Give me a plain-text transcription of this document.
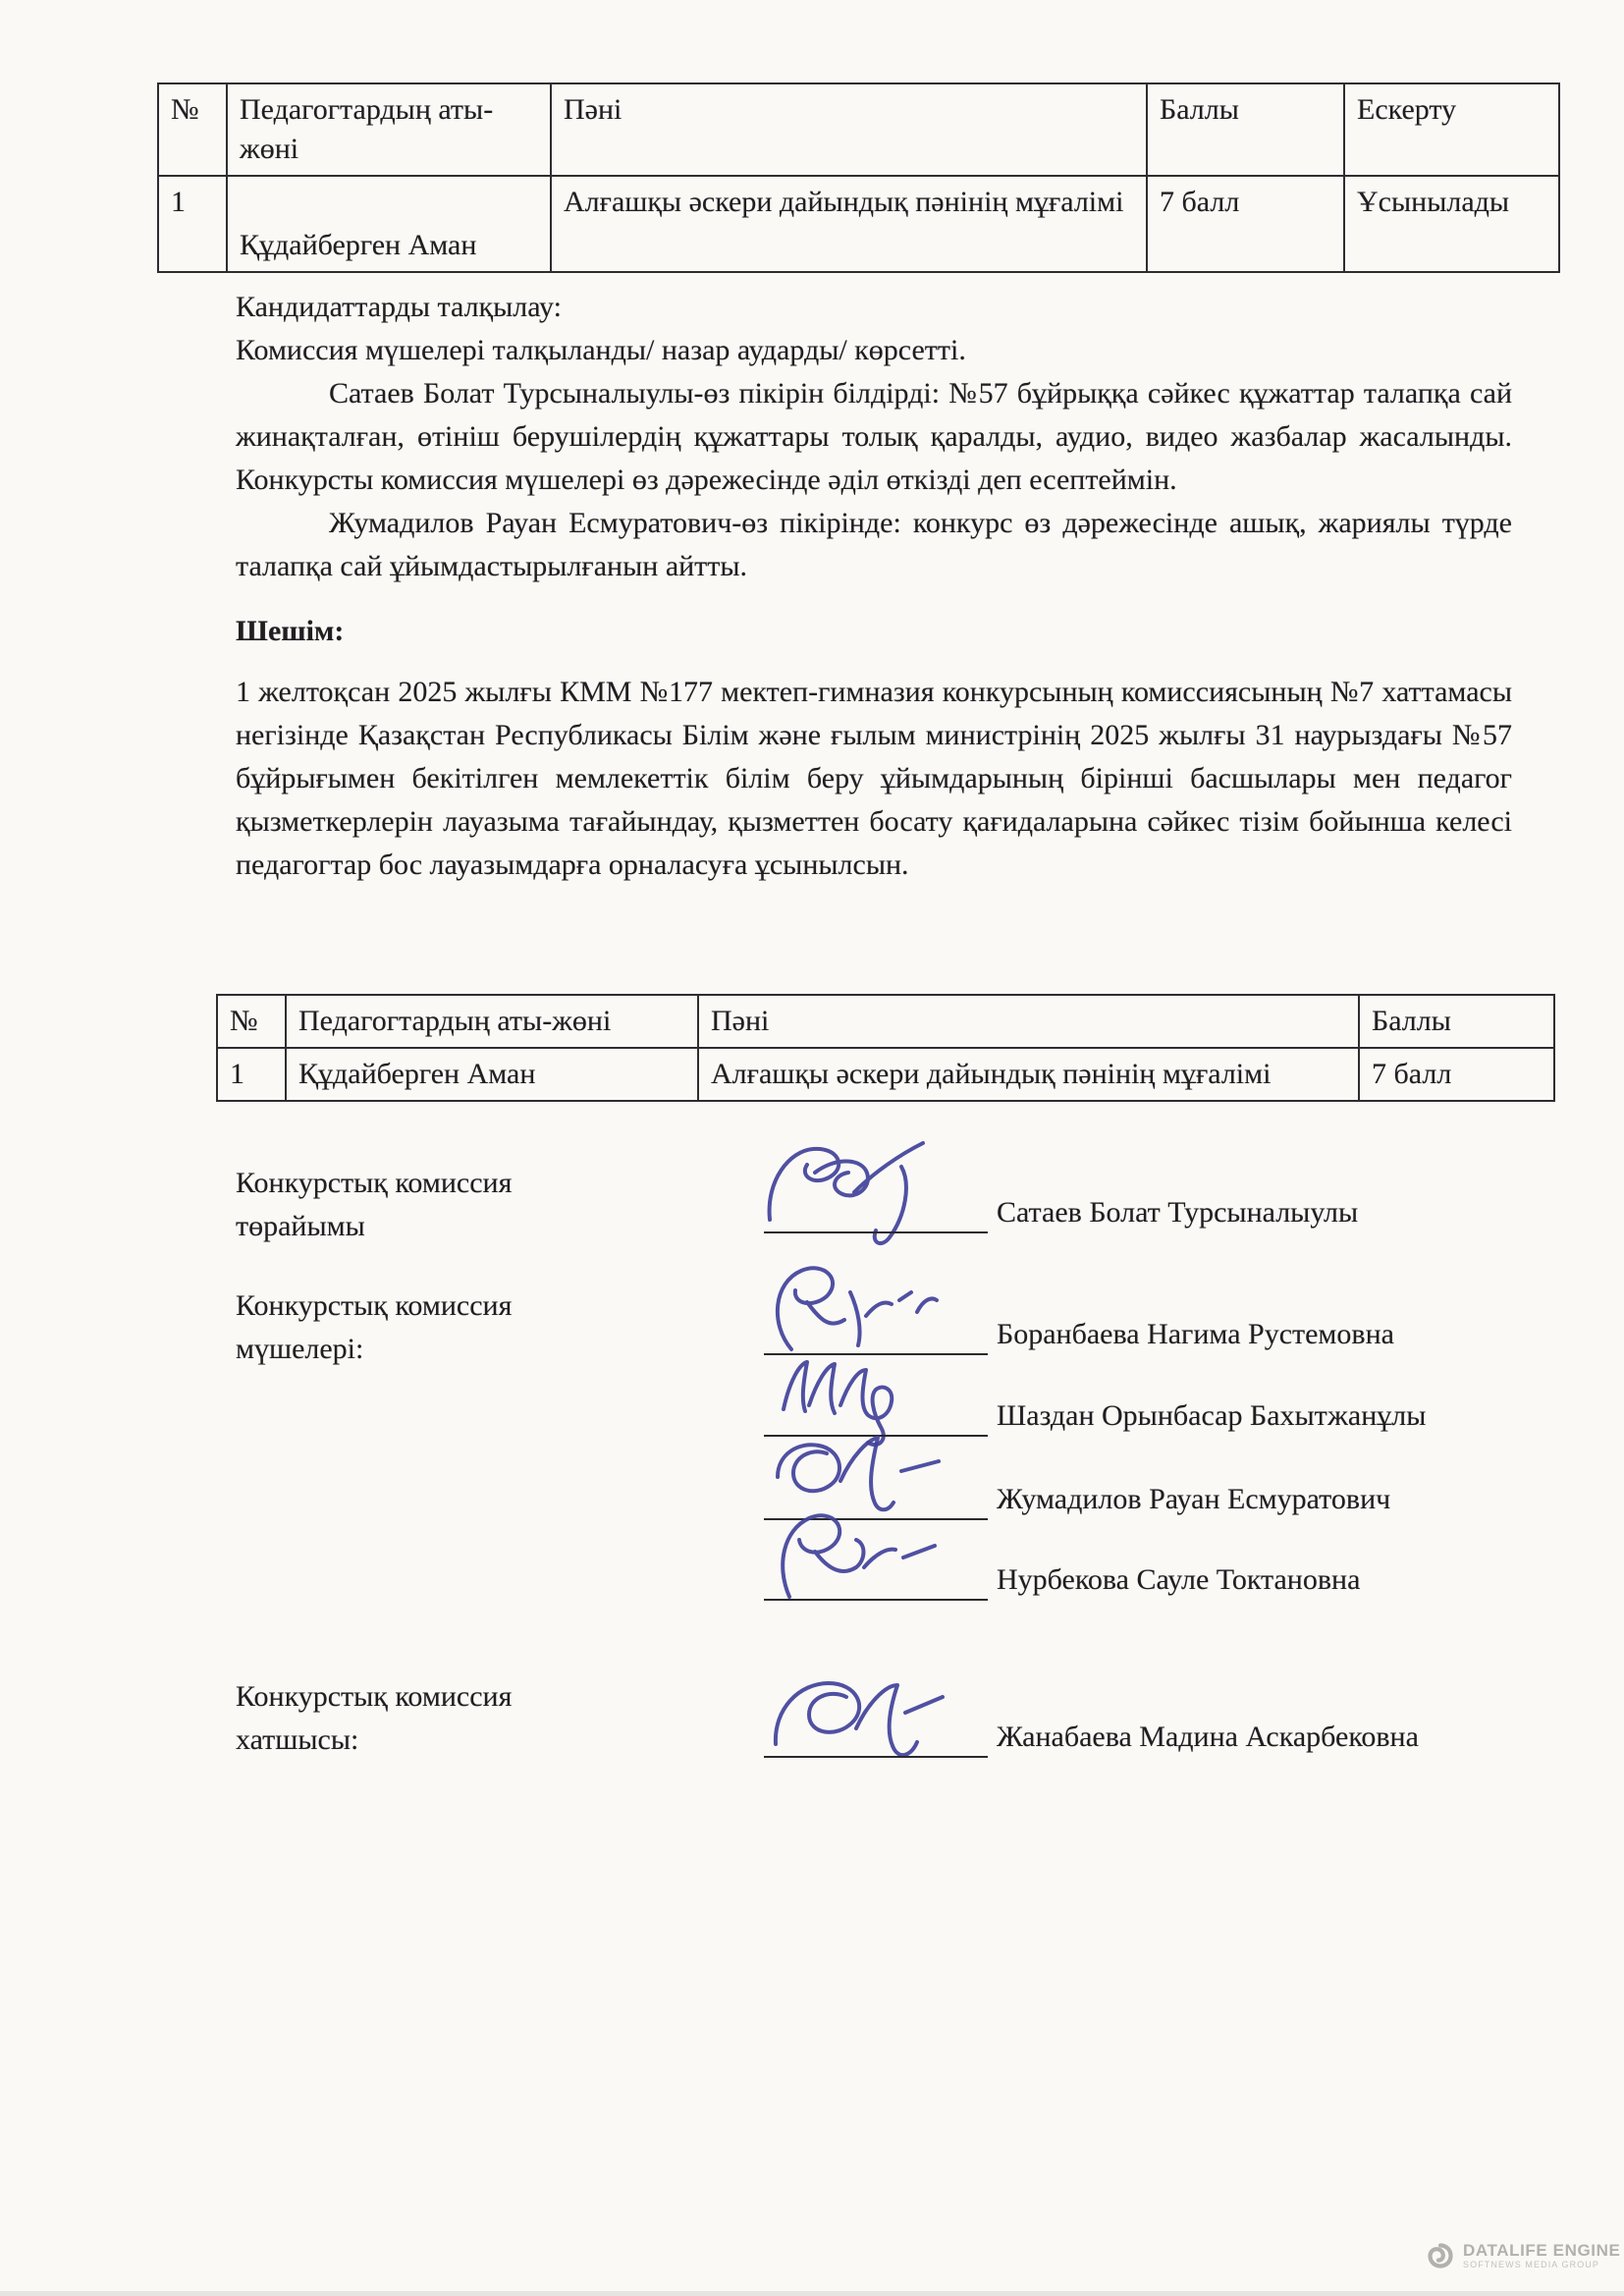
№	Педагогтардың аты-жөні	Пәні	Баллы	Ескерту
1	Құдайберген Аман	Алғашқы әскери дайындық пәнінің мұғалімі	7 балл	Ұсынылады

Кандидаттарды талқылау:

Комиссия мүшелері талқыланды/ назар аударды/ көрсетті.

Сатаев Болат Турсыналыулы-өз пікірін білдірді: №57 бұйрыққа сәйкес құжаттар талапқа сай жинақталған, өтініш берушілердің құжаттары толық қаралды, аудио, видео жазбалар жасалынды. Конкурсты комиссия мүшелері өз дәрежесінде әділ өткізді деп есептеймін.

Жумадилов Рауан Есмуратович-өз пікірінде: конкурс өз дәрежесінде ашық, жариялы түрде талапқа сай ұйымдастырылғанын айтты.

Шешім:

1 желтоқсан 2025 жылғы КММ №177 мектеп-гимназия конкурсының комиссиясының №7 хаттамасы негізінде Қазақстан Республикасы Білім және ғылым министрінің 2025 жылғы 31 наурыздағы №57 бұйрығымен бекітілген мемлекеттік білім беру ұйымдарының бірінші басшылары мен педагог қызметкерлерін лауазыма тағайындау, қызметтен босату қағидаларына сәйкес тізім бойынша келесі педагогтар бос лауазымдарға орналасуға ұсынылсын.

№	Педагогтардың аты-жөні	Пәні	Баллы
1	Құдайберген Аман	Алғашқы әскери дайындық пәнінің мұғалімі	7 балл
Конкурстық комиссия
төрайымы
Конкурстық комиссия
мүшелері:
Конкурстық комиссия
хатшысы:
Сатаев Болат Турсыналыулы
Боранбаева Нагима Рустемовна
Шаздан Орынбасар Бахытжанұлы
Жумадилов Рауан Есмуратович
Нурбекова Сауле Токтановна
Жанабаева Мадина Аскарбековна
DATALIFE ENGINE
SOFTNEWS MEDIA GROUP
